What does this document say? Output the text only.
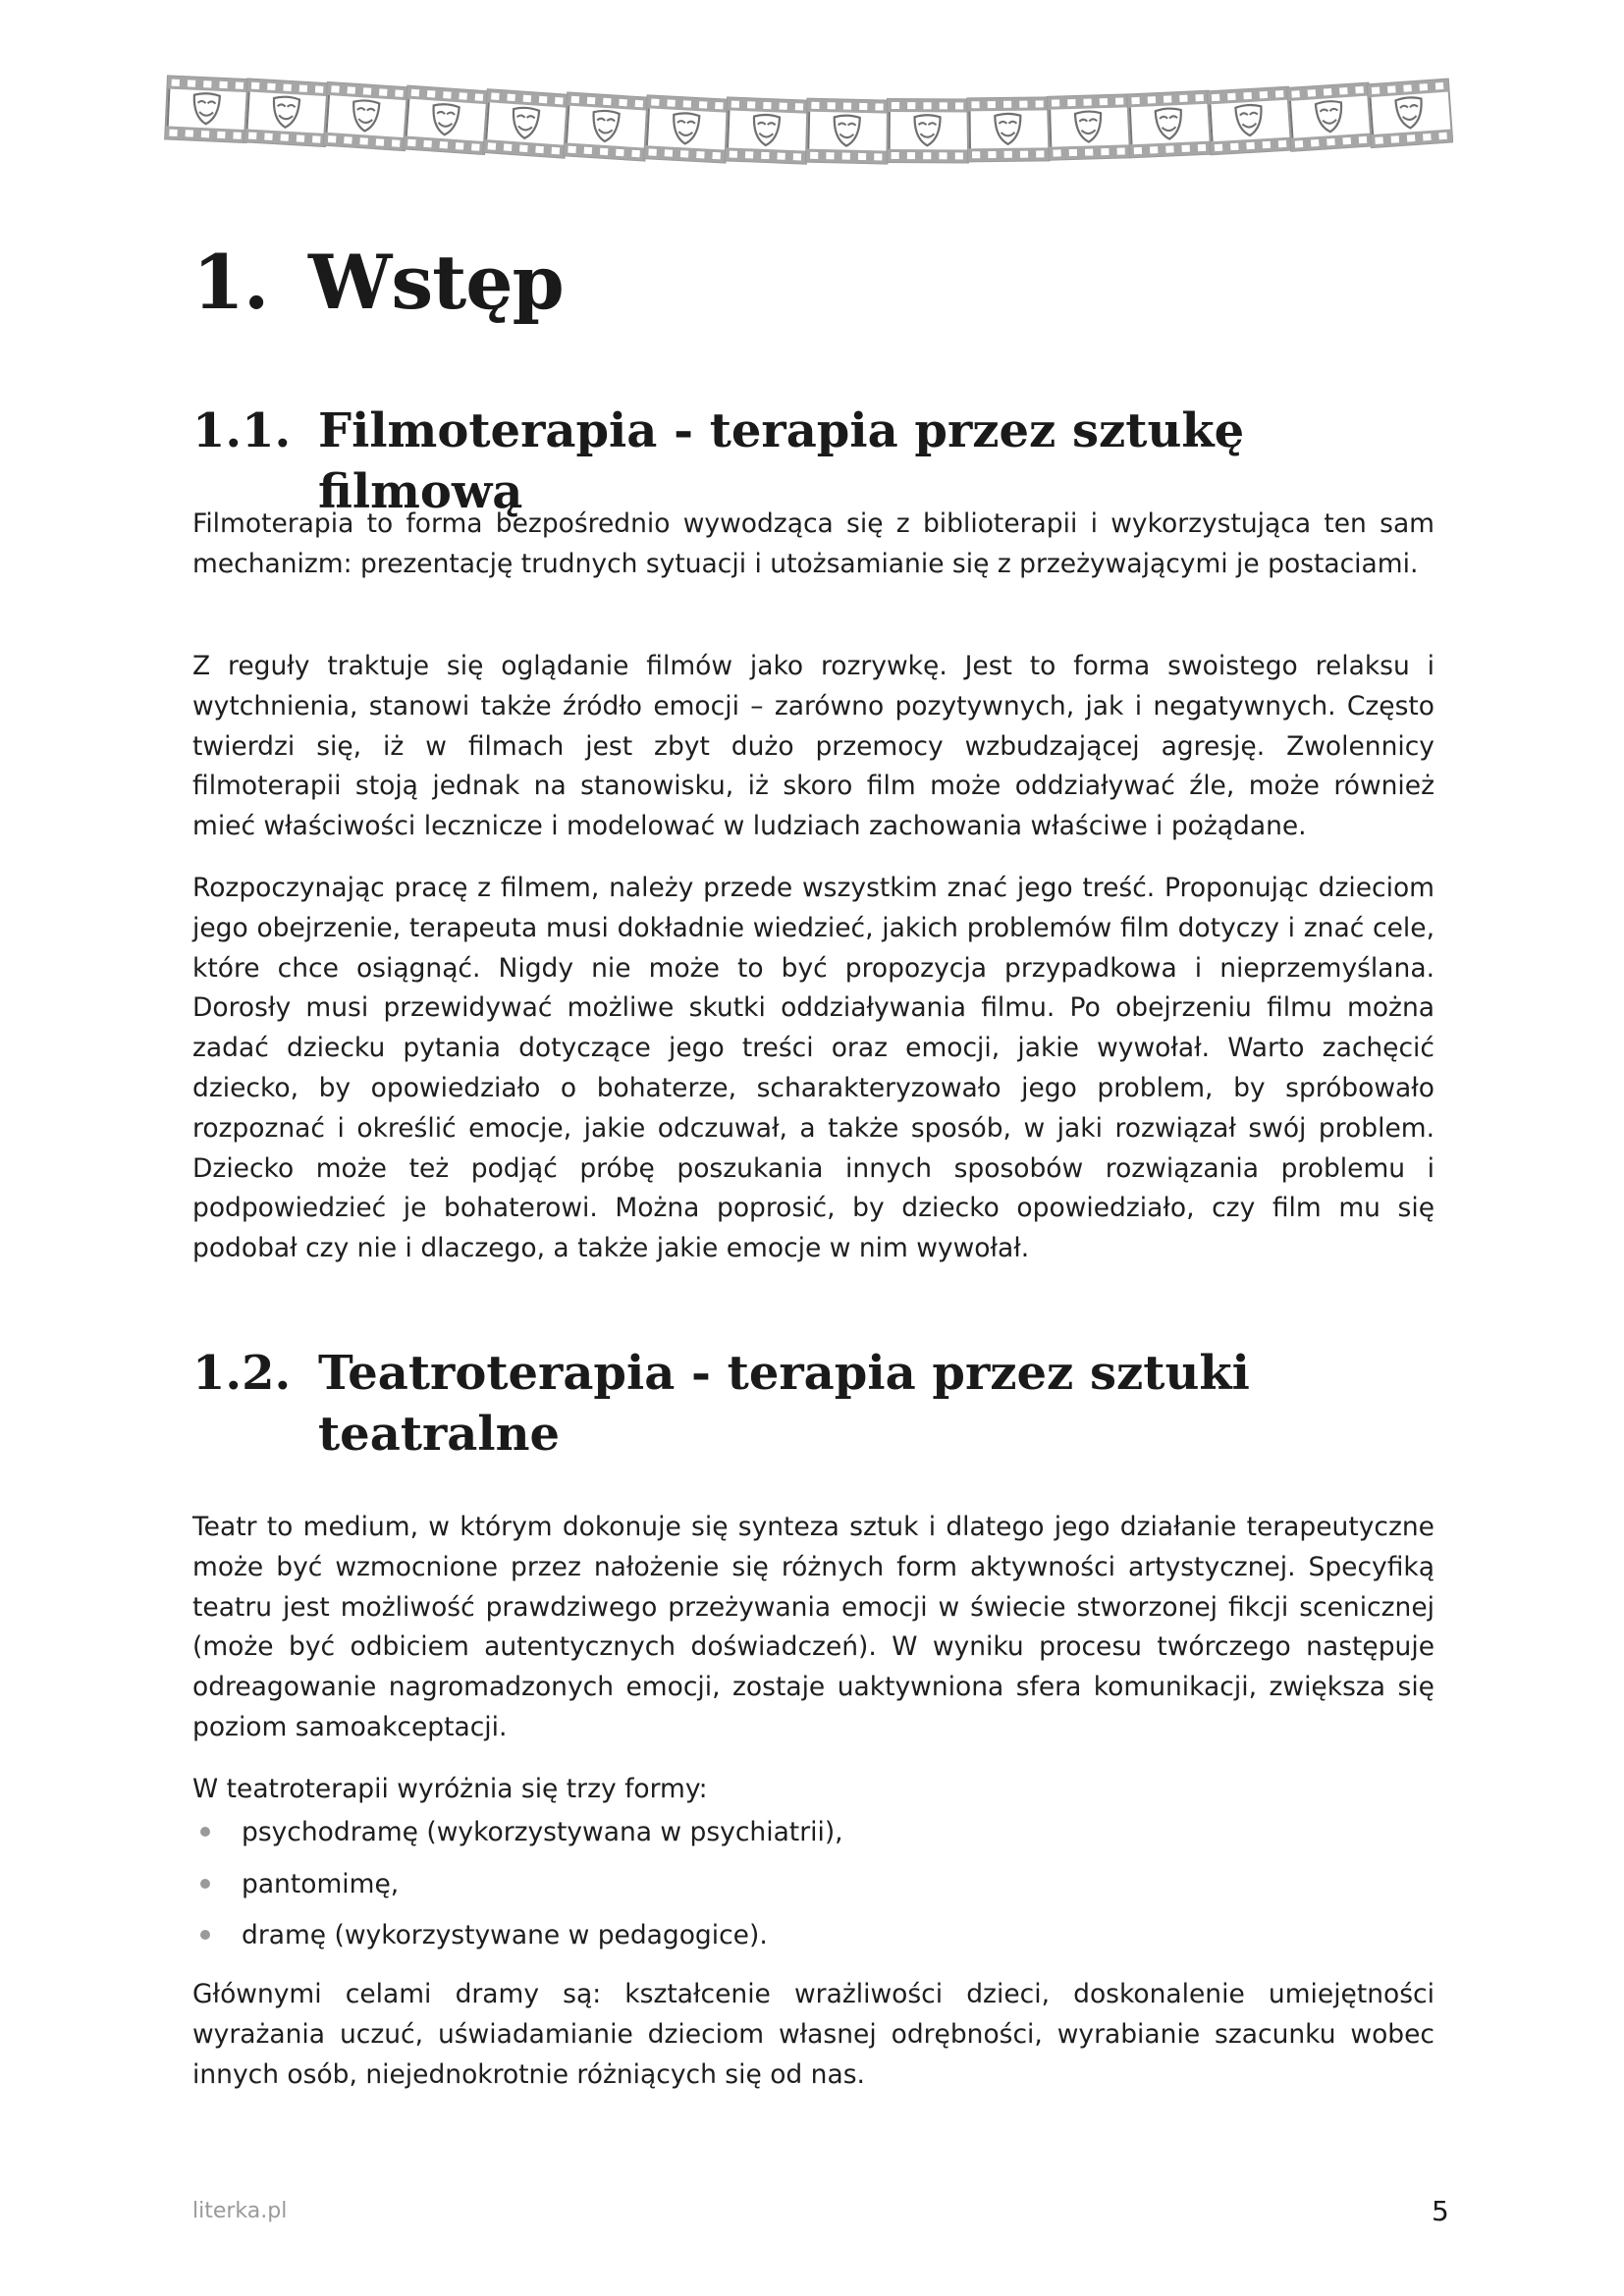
1. Wstęp
1.1. Filmoterapia - terapia przez sztukę filmową

Filmoterapia to forma bezpośrednio wywodząca się z biblioterapii i wykorzystująca ten sam mechanizm: prezentację trudnych sytuacji i utożsamianie się z przeżywającymi je postaciami.

Z reguły traktuje się oglądanie filmów jako rozrywkę. Jest to forma swoistego relaksu i wytchnienia, stanowi także źródło emocji – zarówno pozytywnych, jak i negatywnych. Często twierdzi się, iż w filmach jest zbyt dużo przemocy wzbudzającej agresję. Zwolennicy filmoterapii stoją jednak na stanowisku, iż skoro film może oddziaływać źle, może również mieć właściwości lecznicze i modelować w ludziach zachowania właściwe i pożądane.

Rozpoczynając pracę z filmem, należy przede wszystkim znać jego treść. Proponując dzieciom jego obejrzenie, terapeuta musi dokładnie wiedzieć, jakich problemów film dotyczy i znać cele, które chce osiągnąć. Nigdy nie może to być propozycja przypadkowa i nieprzemyślana. Dorosły musi przewidywać możliwe skutki oddziaływania filmu. Po obejrzeniu filmu można zadać dziecku pytania dotyczące jego treści oraz emocji, jakie wywołał. Warto zachęcić dziecko, by opowiedziało o bohaterze, scharakteryzowało jego problem, by spróbowało rozpoznać i określić emocje, jakie odczuwał, a także sposób, w jaki rozwiązał swój problem. Dziecko może też podjąć próbę poszukania innych sposobów rozwiązania problemu i podpowiedzieć je bohaterowi. Można poprosić, by dziecko opowiedziało, czy film mu się podobał czy nie i dlaczego, a także jakie emocje w nim wywołał.

1.2. Teatroterapia - terapia przez sztuki teatralne

Teatr to medium, w którym dokonuje się synteza sztuk i dlatego jego działanie terapeutyczne może być wzmocnione przez nałożenie się różnych form aktywności artystycznej. Specyfiką teatru jest możliwość prawdziwego przeżywania emocji w świecie stworzonej fikcji scenicznej (może być odbiciem autentycznych doświadczeń). W wyniku procesu twórczego następuje odreagowanie nagromadzonych emocji, zostaje uaktywniona sfera komunikacji, zwiększa się poziom samoakceptacji.

W teatroterapii wyróżnia się trzy formy:

psychodramę (wykorzystywana w psychiatrii),
pantomimę,
dramę (wykorzystywane w pedagogice).

Głównymi celami dramy są: kształcenie wrażliwości dzieci, doskonalenie umiejętności wyrażania uczuć, uświadamianie dzieciom własnej odrębności, wyrabianie szacunku wobec innych osób, niejednokrotnie różniących się od nas.

literka.pl	5
